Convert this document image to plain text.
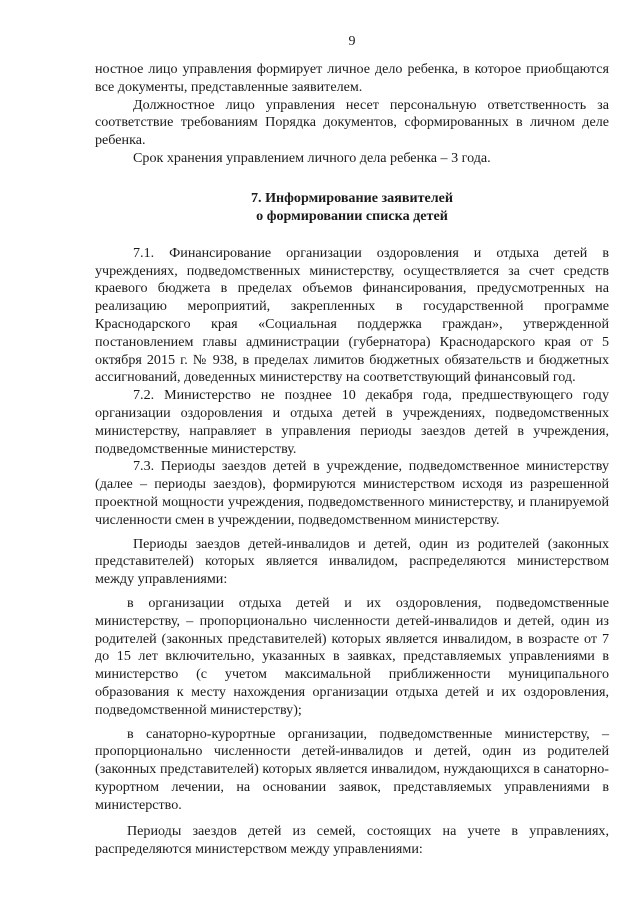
9

ностное лицо управления формирует личное дело ребенка, в которое приобщаются все документы, представленные заявителем.

Должностное лицо управления несет персональную ответственность за соответствие требованиям Порядка документов, сформированных в личном деле ребенка.

Срок хранения управлением личного дела ребенка – 3 года.

7. Информирование заявителей
о формировании списка детей

7.1. Финансирование организации оздоровления и отдыха детей в учреждениях, подведомственных министерству, осуществляется за счет средств краевого бюджета в пределах объемов финансирования, предусмотренных на реализацию мероприятий, закрепленных в государственной программе Краснодарского края «Социальная поддержка граждан», утвержденной постановлением главы администрации (губернатора) Краснодарского края от 5 октября 2015 г. № 938, в пределах лимитов бюджетных обязательств и бюджетных ассигнований, доведенных министерству на соответствующий финансовый год.

7.2. Министерство не позднее 10 декабря года, предшествующего году организации оздоровления и отдыха детей в учреждениях, подведомственных министерству, направляет в управления периоды заездов детей в учреждения, подведомственные министерству.

7.3. Периоды заездов детей в учреждение, подведомственное министерству (далее – периоды заездов), формируются министерством исходя из разрешенной проектной мощности учреждения, подведомственного министерству, и планируемой численности смен в учреждении, подведомственном министерству.

Периоды заездов детей-инвалидов и детей, один из родителей (законных представителей) которых является инвалидом, распределяются министерством между управлениями:

в организации отдыха детей и их оздоровления, подведомственные министерству, – пропорционально численности детей-инвалидов и детей, один из родителей (законных представителей) которых является инвалидом, в возрасте от 7 до 15 лет включительно, указанных в заявках, представляемых управлениями в министерство (с учетом максимальной приближенности муниципального образования к месту нахождения организации отдыха детей и их оздоровления, подведомственной министерству);

в санаторно-курортные организации, подведомственные министерству, – пропорционально численности детей-инвалидов и детей, один из родителей (законных представителей) которых является инвалидом, нуждающихся в санаторно-курортном лечении, на основании заявок, представляемых управлениями в министерство.

Периоды заездов детей из семей, состоящих на учете в управлениях, распределяются министерством между управлениями:
